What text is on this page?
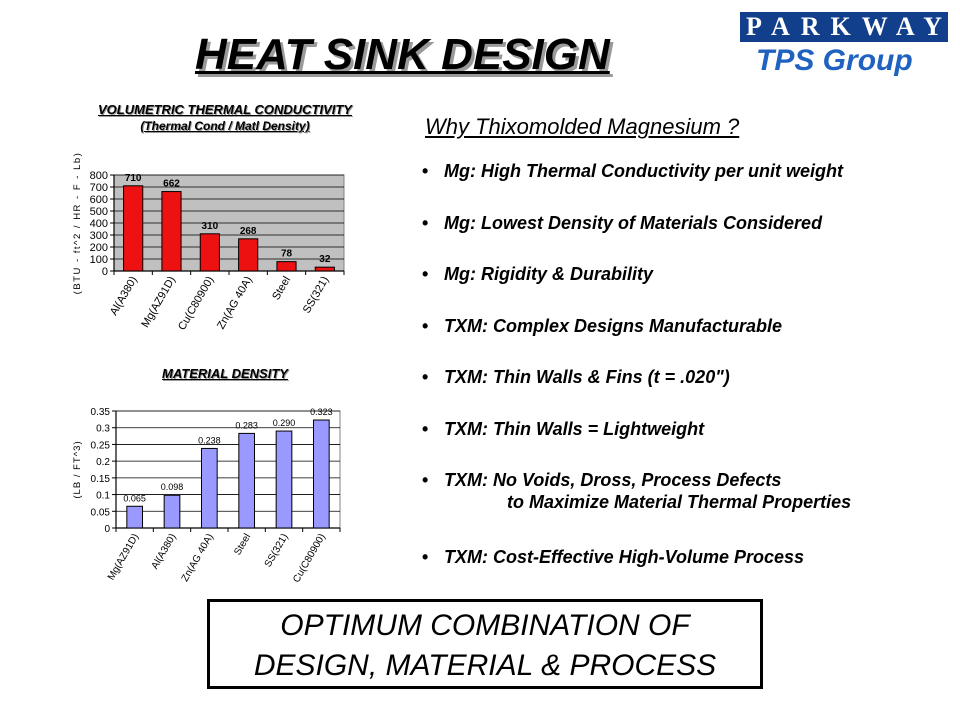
HEAT SINK DESIGN
PARKWAY
TPS Group
VOLUMETRIC THERMAL CONDUCTIVITY
(Thermal Cond / Matl Density)
0
100
200
300
400
500
600
700
800
(BTU - ft^2 / HR - F - Lb)	710
Al(A380)
662
Mg(AZ91D)
310
Cu(C80900)
268
Zn(AG 40A)
78
Steel
32
SS(321)
MATERIAL DENSITY
Why Thixomolded Magnesium ?
• Mg: High Thermal Conductivity per unit weight
• Mg: Lowest Density of Materials Considered
• Mg: Rigidity & Durability
• TXM: Complex Designs Manufacturable
• TXM: Thin Walls & Fins (t = .020")
• TXM: Thin Walls = Lightweight
• TXM: No Voids, Dross, Process Defects
to Maximize Material Thermal Properties
• TXM: Cost-Effective High-Volume Process
OPTIMUM COMBINATION OF
DESIGN, MATERIAL & PROCESS
0
0.05
0.1
0.15
0.2
0.25
0.3
0.35
(LB / FT^3)	0.065
Mg(AZ91D)
0.098
Al(A380)
0.238
Zn(AG 40A)
0.283
Steel
0.290
SS(321)
0.323
Cu(C80900)
